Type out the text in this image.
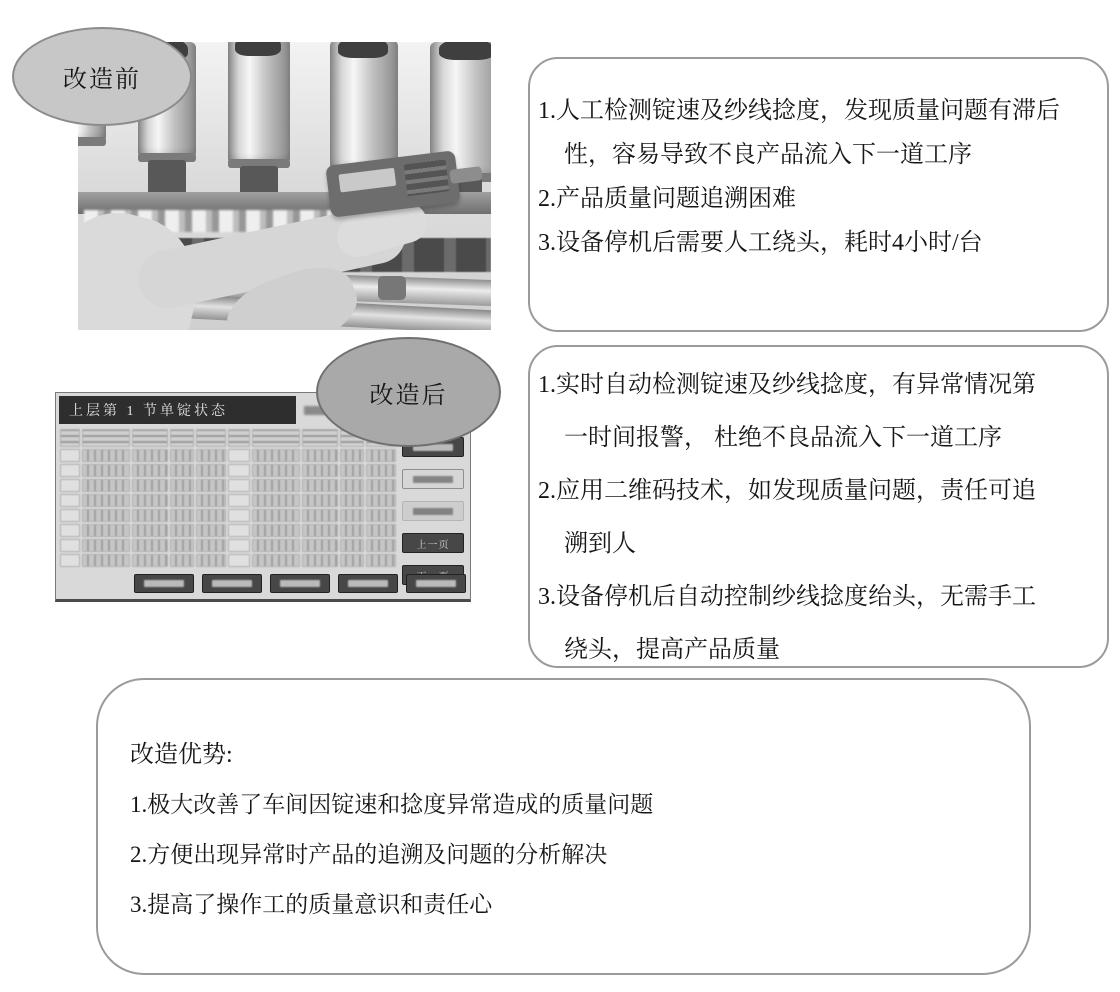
改造前
1.人工检测锭速及纱线捻度，发现质量问题有滞后
性，容易导致不良产品流入下一道工序
2.产品质量问题追溯困难
3.设备停机后需要人工绕头，耗时4小时/台
上层第 1 节单锭状态
上一页
改造后	1.实时自动检测锭速及纱线捻度，有异常情况第
一时间报警， 杜绝不良品流入下一道工序
2.应用二维码技术，如发现质量问题，责任可追
溯到人
3.设备停机后自动控制纱线捻度绐头，无需手工
绕头，提高产品质量
改造优势:
1.极大改善了车间因锭速和捻度异常造成的质量问题
2.方便出现异常时产品的追溯及问题的分析解决
3.提高了操作工的质量意识和责任心
